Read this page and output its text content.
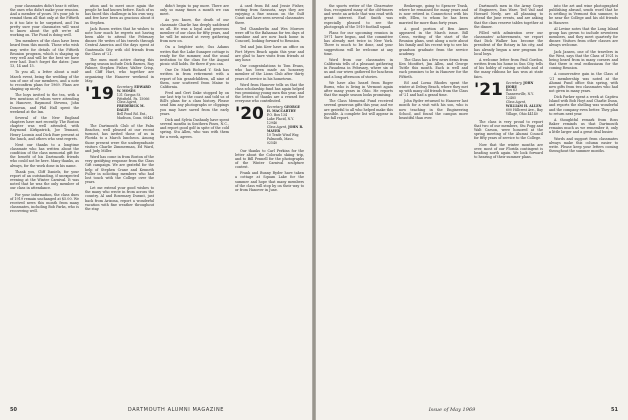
your classmates didn't hear it either, the ones who didn't make your reunion. And a member of yours. It's your job to remind them all that only at the Fiftieth is it too late to be surprised, and I'm pretty sure your classmates will want to know about the gift we're all working on. The Fund is doing well.

Ten members of the class have been heard from this month. Those who wish may write for details of the Fiftieth Reunion program, which is shaping up very well and will be the best we have ever had. Don't forget the dates: June 13, 14 and 15.

To you all, a letter about a mid-March event, being the wedding of the son of one of our members, and a note to reconfirm plans for 1969. Plans are shaping up nicely.

The boys invited to the tea, with a few mentions of whom were attending in Hanover, Raymond Stevens, John Donovan, and Phil Hall spent the weekend at the Inn.

Several of the New England chapters have met recently. The Boston chapter was well attended, with Raymond Kirkpatrick, Joe Tennant, Henry Loomis and Dick Burr present at the lunch, and others who sent regrets.

Next our thanks to a longtime classmate who has written about the condition of the class memorial gift for the benefit of his Dartmouth friends who could not be here. Many thanks, as always, for the work done in his name.

Thank you, Cliff Daniels, for your report of an outstanding, if unexpected evening at the Winter Carnival. It was noted that he was the only member of our class in attendance.

For your information, the class dues of 1919 remain unchanged at $5.00. We received news this month from many classmates, including Bob Parks, who is recovering well.

ation and to meet once again the people he had known before. Each of us has faced this challenge in his own way, and few have been as gracious about it as Stephen.

Jack Rosen writes that he wishes to note how much he regrets not having been able to attend the February dinner. He writes of his travels through Central America and the days spent at Guatemala City with old friends from the Class of '21.

The men most active during this spring season include Dick Barnes, Ray Palmer, Stephen Fisher, Walter Crisp, and Cliff Hart, who together are organizing the Hanover weekend in May.

'19 Secretary, EDWARD W. MOSES
131 Gorgas St.
Pittsfield, Pa. 15066
Class Agent, FREDERICK M. DALEY
Bell Pond Rd. Ext., Madison, Conn. 06443

The Dartmouth Club of the Palm Beaches, well pleased at our recent turnout, has invited those of us in Florida to a March luncheon. Among those present were the undergraduate visitors Charlie Zimmerman, Ed Ward, and Judy Miller.

Word has come in from Boston of the very gratifying response from the Class Gift campaign. We are grateful for the help of Stephen Crane and Kenneth Fuller in soliciting members who had lost touch with the College over the years.

Let me extend your good wishes to the many who wrote in from across the country. Al and Rosemary Durant, just back from Arizona, report a wonderful vacation with fine weather throughout the stay.

didn't begin to pay more. There are only so many times a month we can meet.

As you know, the death of our classmate Charlie has deeply saddened us all. He was a loyal and generous member of our class for fifty years, and he will be missed at every gathering from now on.

On a brighter note, Gus Adams writes that the Lake Sunapee cottage is ready for the summer, and the usual invitation to the class for the August picnic still holds. Be there if you can.

One Dr. Mark Richard Y. Sisk has written in from retirement with a report of his grandchildren, all nine of them, now scattered from Maine to California.

Fred and Gert Dake stopped by on our last trip to the coast and told us of Bill's plans for a class history. Please send him any photographs or clippings you may have saved from the early years.

Dick and Sylvia Dashauly have spent several months in Southern Pines, N.C., and report good golf in spite of the cold spring. Stu Allen, who was with them for a week, agrees.

A card from Ed and Jessie Fisher, writing from Sarasota, says they are enjoying a fine season on the Gulf Coast and have seen several classmates there.

Ted Chamberlin and Wes Morrow were off to the Bahamas for ten days of sunshine and are now back home in Concord, looking forward to Reunion.

Ted and Juin Kerr have an office on Fort Myers Beach again this year and are glad to have visits from friends at any hour.

Our congratulations to Tom Evans, who has been made an honorary member of the Lions Club after thirty years of service in his hometown.

Word from Hanover tells us that the class scholarship fund has again helped two promising young men this year, and the letters of thanks are a reward for everyone who contributed.

'20 Secretary, GEORGE H. MACCARTHY
P.O. Box 134
Lake Placid, N.Y. 12946
Class Agent, JOHN R. MAYER
10 Trade Wind Way, Falmouth, Mass. 02540

Our thanks to Carl Perkins for the letter about the Colorado skiing trip, and to Bill Fennell for the photographs of the Winter Carnival sculpture contest.

Frank and Bunny Ryder have taken a cottage at Squam Lake for the summer and hope that many members of the class will stop by on their way to or from Hanover in June.

50	DARTMOUTH ALUMNI MAGAZINE

the sports writer of the Clearwater Sun, recognized many of the old-timers and wrote an article that was read with great interest. Earl Smith was especially pleased to see the photograph of the 1919 football squad.

Plans for our upcoming reunion in 1971 have begun, and the committee has already met twice in New York. There is much to be done, and your suggestions will be welcome at any time.

Word from our classmates in California tells of a pleasant gathering in Pasadena in February, where six of us and our wives gathered for luncheon and a long afternoon of stories.

We have also heard from Roger Burns, who is living in Vermont again after many years in Ohio. He reports that the maple season looks promising.

The Class Memorial Fund received several generous gifts this year, and we are grateful to all who helped make this possible. A complete list will appear in the fall report.

Brokerage, going to Spencer Trask, where he remained for many years and is now retired in Connecticut with his wife, Ellen, to whom he has been married for more than forty years.

A good portion of Ben Ames appeared in the March issue. Bill Cross, writing of the start of the Reunion plans, sent along a note about his family and his recent trip to see his grandson graduate from the service academy.

The Class has a few news items from Ken Montfort, Jim Allen, and George Tuttle this month. Each is well and each promises to be in Hanover for the Fiftieth.

Ed and Lorna Rhodes spent the winter at Delray Beach, where they met up with many old friends from the Class of '21 and had a grand time.

John Ryder returned to Hanover last month for a visit with his son, who is now teaching in the Engineering School, and found the campus more beautiful than ever.

Dartmouth men in the Army Corps of Engineers, Dan Ware, Ted Vail and Howard Neely, are all planning to attend the June events, and are asking that the class reserve tables together at the dinner.

Filled with admiration over our classmates' achievements, we report that Dick Walker has become the president of the Rotary in his city, and has already begun a new program for local boys.

A welcome letter from Paul Gordon, written from his home in Sun City, tells of his hobby of raising orchids and of the many ribbons he has won at state fairs.

'21 Secretary, JOHN HOBE
Box 63
Tannersville, N.Y. 12485
Class Agent, WILLIAM H. ALLEN
600 Hillcrest Ave., Bay Village, Ohio 44140

The class is very proud to report that two of our members, Stu Fogg and Walt Carson, were honored at the spring meeting of the Alumni Council for fifty years of service to the College.

Now that the winter months are over, most of our Florida contingent is heading north again. We look forward to hearing of their summer plans.

into the art and wine photographed publishing abroad, sends word that he is settling in Vermont this summer, to be near the College and his old friends in Hanover.

Al Levine notes that the Long Island group has grown to include seventeen members, and they meet quarterly for dinner. Visitors from other classes are always welcome.

Jack Jansen, one of the travelers in the West, says that the Class of 1921 is being heard from in many corners and that there is real enthusiasm for the coming Reunion.

A conservative gain in the Class of '21 membership was noted at the Alumni Fund office this spring, with new gifts from two classmates who had not given in many years.

Dick Parker spent a week at Captiva Island with Bob Hoyt and Charlie Dunn, and reports the shelling was wonderful and the company even better. They plan to return next year.

A thoughtful remark from Ross Baker reminds us that Dartmouth remains much as we remember it, only a little larger and a great deal busier.

Words and support from classmates always make this column easier to write. Please keep your letters coming throughout the summer months.

Issue of May 1969	51
